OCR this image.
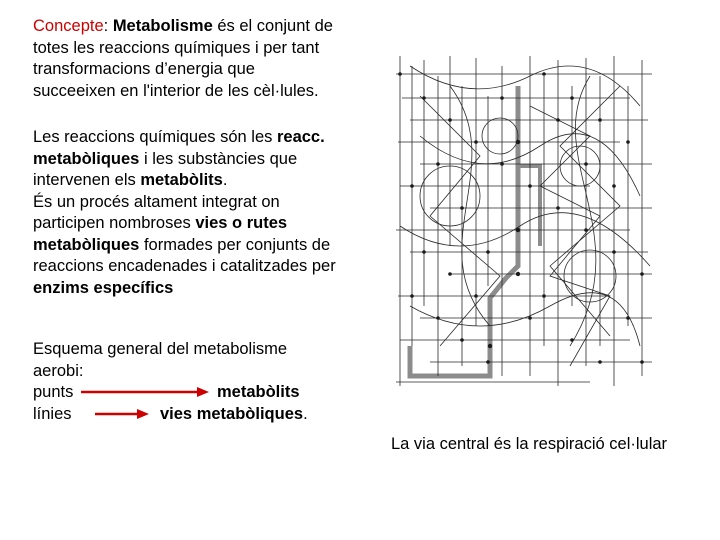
Concepte: Metabolisme és el conjunt de totes les reaccions químiques i per tant transformacions d’energia que succeeixen en l'interior de les cèl·lules.

Les reaccions químiques són les reacc. metabòliques i les substàncies que intervenen els metabòlits.

És un procés altament integrat on participen nombroses vies o rutes metabòliques formades per conjunts de reaccions encadenades i catalitzades per enzims específics

Esquema general del metabolisme aerobi:

punts	metabòlits
línies	vies metabòliques.
La via central és la respiració cel·lular
